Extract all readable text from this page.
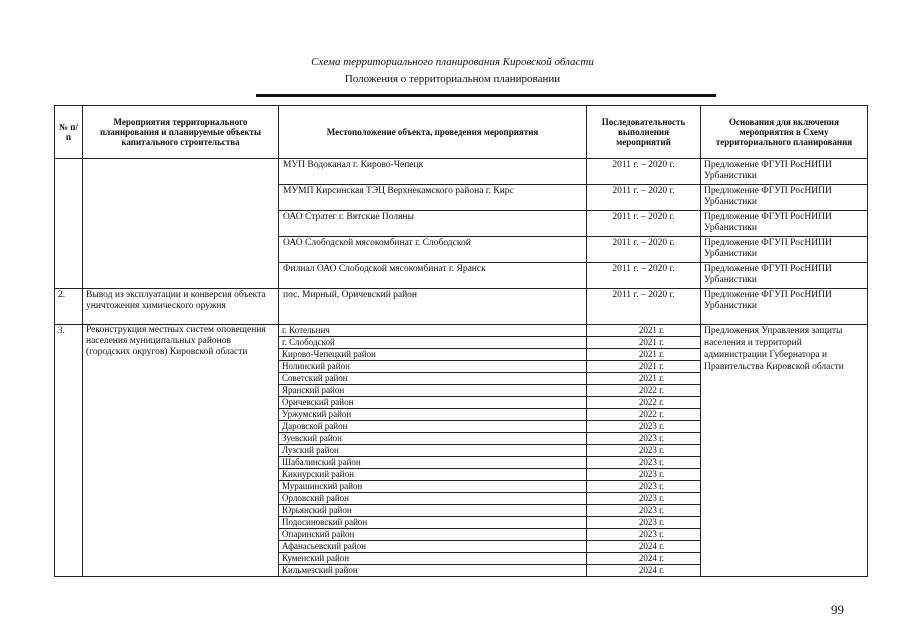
Схема территориального планирования Кировской области
Положения о территориальном планировании
№ п/п	Мероприятия территориального планирования и планируемые объекты капитального строительства	Местоположение объекта, проведения мероприятия	Последовательность выполнения мероприятий	Основания для включения мероприятия в Схему территориального планирования
		МУП Водоканал г. Кирово-Чепецк	2011 г. – 2020 г.	Предложение ФГУП РосНИПИ Урбанистики
		МУМП Кирсинская ТЭЦ Верхнекамского района г. Кирс	2011 г. – 2020 г.	Предложение ФГУП РосНИПИ Урбанистики
		ОАО Стратег г. Вятские Поляны	2011 г. – 2020 г.	Предложение ФГУП РосНИПИ Урбанистики
		ОАО Слободской мясокомбинат г. Слободской	2011 г. – 2020 г.	Предложение ФГУП РосНИПИ Урбанистики
		Филиал ОАО Слободской мясокомбинат г. Яранск	2011 г. – 2020 г.	Предложение ФГУП РосНИПИ Урбанистики
2.	Вывод из эксплуатации и конверсия объекта уничтожения химического оружия	пос. Мирный, Оричевский район	2011 г. – 2020 г.	Предложение ФГУП РосНИПИ Урбанистики
3.	Реконструкция местных систем оповещения населения муниципальных районов (городских округов) Кировской области	г. Котельнич	2021 г.	Предложения Управления защиты населения и территорий администрации Губернатора и Правительства Кировской области
		г. Слободской	2021 г.	
		Кирово-Чепецкий район	2021 г.	
		Нолинский район	2021 г.	
		Советский район	2021 г.	
		Яранский район	2022 г.	
		Оричевский район	2022 г.	
		Уржумский район	2022 г.	
		Даровской район	2023 г.	
		Зуевский район	2023 г.	
		Лузский район	2023 г.	
		Шабалинский район	2023 г.	
		Кикнурский район	2023 г.	
		Мурашинский район	2023 г.	
		Орловский район	2023 г.	
		Юрьянский район	2023 г.	
		Подосиновский район	2023 г.	
		Опаринский район	2023 г.	
		Афанасьевский район	2024 г.	
		Куменский район	2024 г.	
		Кильмезский район	2024 г.	
99
